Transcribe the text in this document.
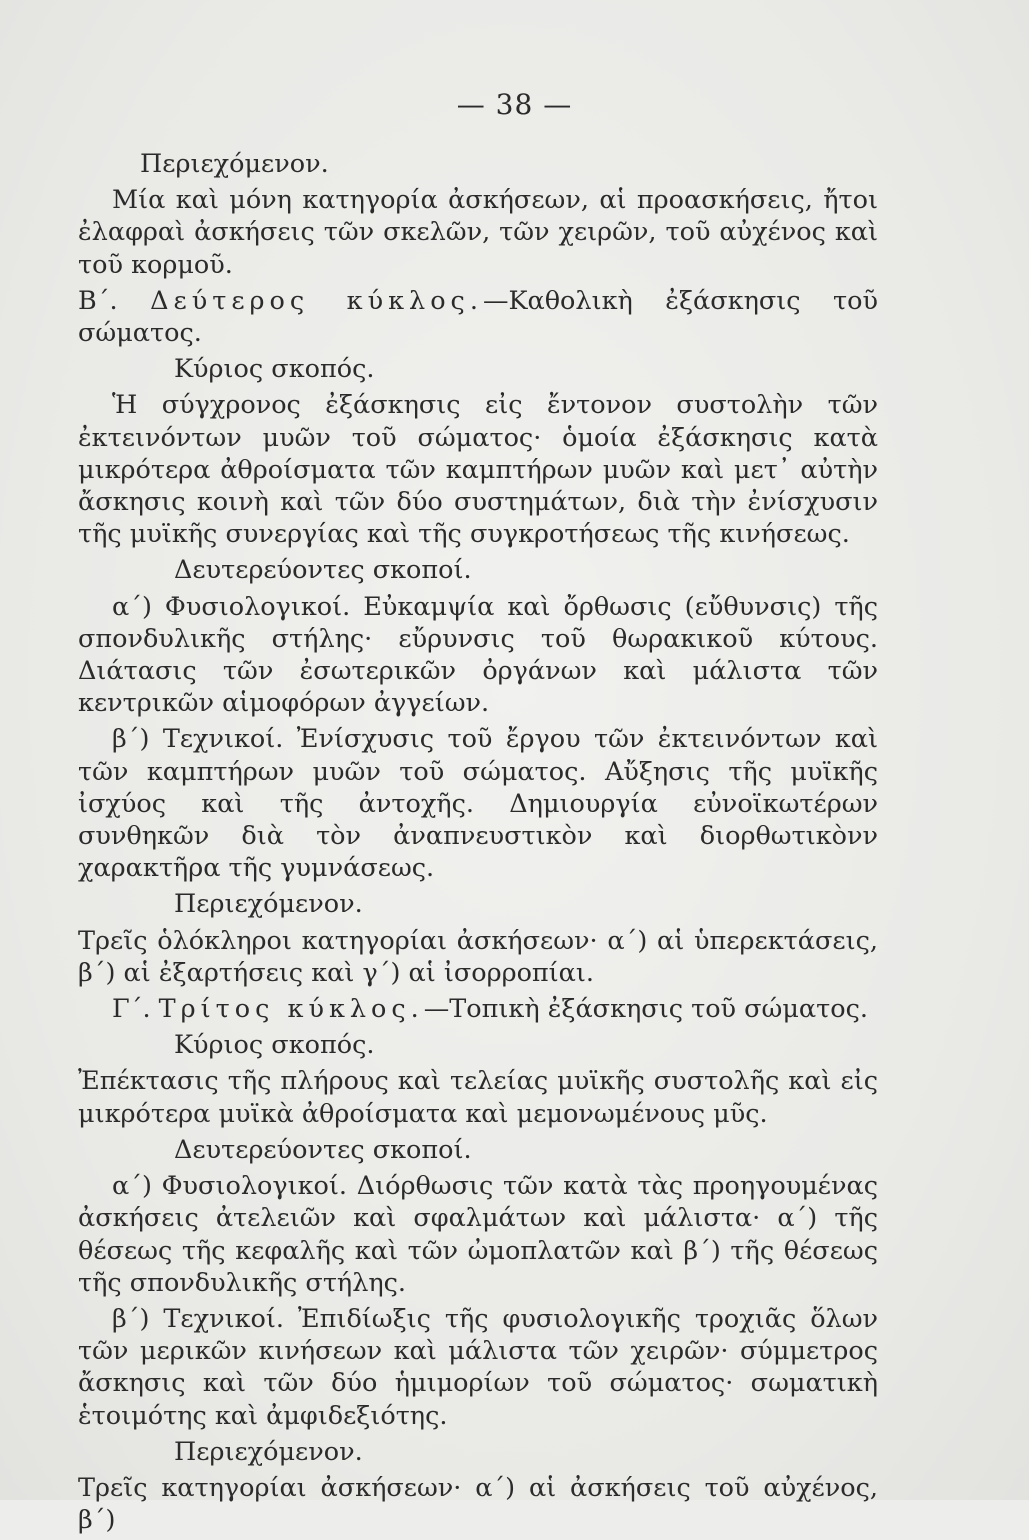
— 38 —
Περιεχόμενον.

Μία καὶ μόνη κατηγορία ἀσκήσεων, αἱ προασκήσεις, ἤτοι ἐλαφραὶ ἀσκήσεις τῶν σκελῶν, τῶν χειρῶν, τοῦ αὐχένος καὶ τοῦ κορμοῦ.

Β΄. Δεύτερος κύκλος.—Καθολικὴ ἐξάσκησις τοῦ σώματος.

Κύριος σκοπός.

Ἡ σύγχρονος ἐξάσκησις εἰς ἔντονον συστολὴν τῶν ἐκτεινόντων μυῶν τοῦ σώματος· ὁμοία ἐξάσκησις κατὰ μικρότερα ἀθροίσματα τῶν καμπτήρων μυῶν καὶ μετ᾽ αὐτὴν ἄσκησις κοινὴ καὶ τῶν δύο συστημάτων, διὰ τὴν ἐνίσχυσιν τῆς μυϊκῆς συνεργίας καὶ τῆς συγκροτήσεως τῆς κινήσεως.

Δευτερεύοντες σκοποί.

α΄) Φυσιολογικοί. Εὐκαμψία καὶ ὄρθωσις (εὔθυνσις) τῆς σπονδυλικῆς στήλης· εὔρυνσις τοῦ θωρακικοῦ κύτους. Διάτασις τῶν ἐσωτερικῶν ὀργάνων καὶ μάλιστα τῶν κεντρικῶν αἱμοφόρων ἀγγείων.

β΄) Τεχνικοί. Ἐνίσχυσις τοῦ ἔργου τῶν ἐκτεινόντων καὶ τῶν καμπτήρων μυῶν τοῦ σώματος. Αὔξησις τῆς μυϊκῆς ἰσχύος καὶ τῆς ἀντοχῆς. Δημιουργία εὐνοϊκωτέρων συνθηκῶν διὰ τὸν ἀναπνευστικὸν καὶ διορθωτικὸνν χαρακτῆρα τῆς γυμνάσεως.

Περιεχόμενον.

Τρεῖς ὁλόκληροι κατηγορίαι ἀσκήσεων· α΄) αἱ ὑπερεκτάσεις, β΄) αἱ ἐξαρτήσεις καὶ γ΄) αἱ ἰσορροπίαι.

Γ΄. Τρίτος κύκλος.—Τοπικὴ ἐξάσκησις τοῦ σώματος.

Κύριος σκοπός.

Ἐπέκτασις τῆς πλήρους καὶ τελείας μυϊκῆς συστολῆς καὶ εἰς μικρότερα μυϊκὰ ἀθροίσματα καὶ μεμονωμένους μῦς.

Δευτερεύοντες σκοποί.

α΄) Φυσιολογικοί. Διόρθωσις τῶν κατὰ τὰς προηγουμένας ἀσκήσεις ἀτελειῶν καὶ σφαλμάτων καὶ μάλιστα· α΄) τῆς θέσεως τῆς κεφαλῆς καὶ τῶν ὠμοπλατῶν καὶ β΄) τῆς θέσεως τῆς σπονδυλικῆς στήλης.

β΄) Τεχνικοί. Ἐπιδίωξις τῆς φυσιολογικῆς τροχιᾶς ὅλων τῶν μερικῶν κινήσεων καὶ μάλιστα τῶν χειρῶν· σύμμετρος ἄσκησις καὶ τῶν δύο ἡμιμορίων τοῦ σώματος· σωματικὴ ἑτοιμότης καὶ ἀμφιδεξιότης.

Περιεχόμενον.

Τρεῖς κατηγορίαι ἀσκήσεων· α΄) αἱ ἀσκήσεις τοῦ αὐχένος, β΄)
